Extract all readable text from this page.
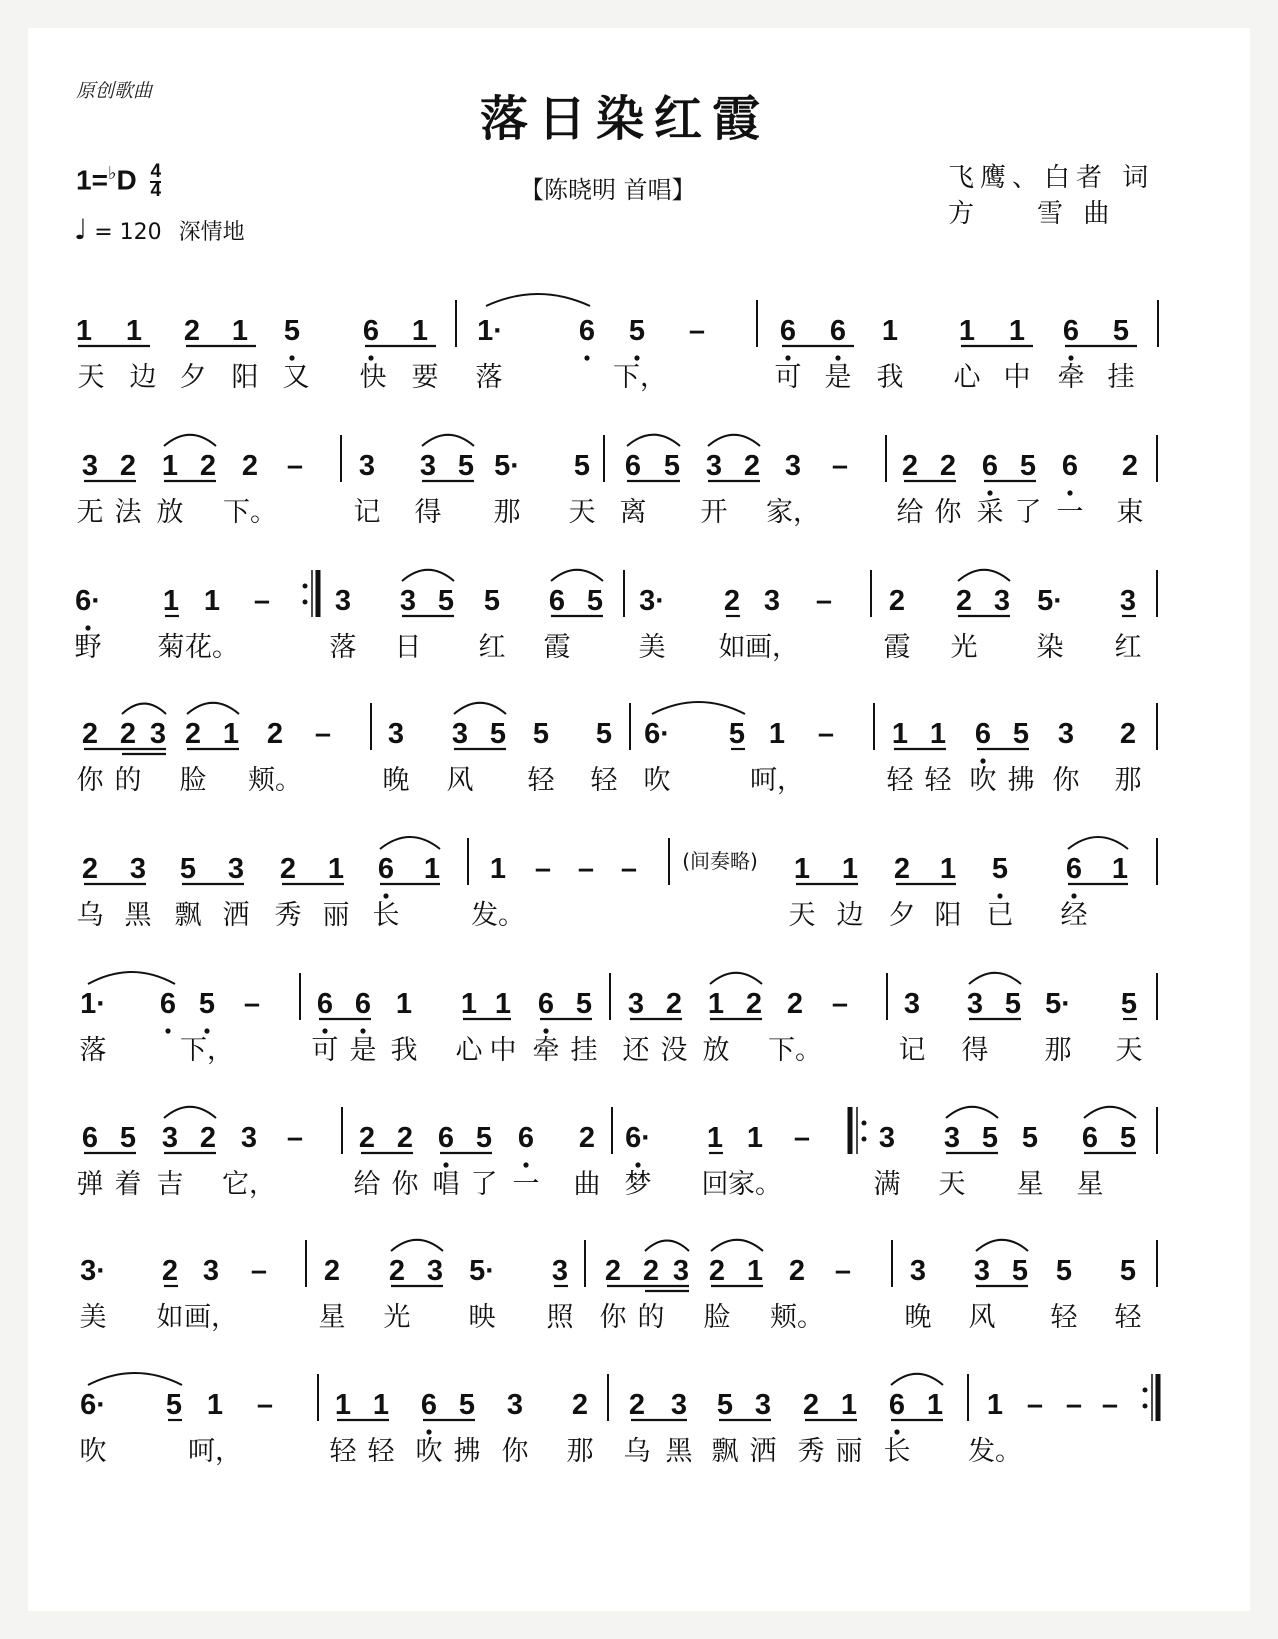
原创歌曲	落日染红霞
$1=^♭D \frac{4}{4}$
♩ = 120 深情地
【陈晓明 首唱】	飞鹰、白者 词
方    雪 曲
1 1 2 1 5 6 1 1·	6 5 –	6 6 1 1 1 6 5
天 边 夕 阳 又 快 要 落	下，	可 是 我 心 中 牵 挂
3 2 1 2 2 – 3 3 5 5· 5 6 5 3 2 3 – 2 2 6 5 6 2
无 法 放 下。	记 得 那 天 离 开 家，	给 你 采 了 一 束
6· 1 1 – 3 3 5 5 6 5 3· 2 3 – 2 2 3 5· 3
野 菊 花。	落 日 红 霞	美 如 画，	霞 光 染 红
2 2 3 2 1 2 – 3 3 5 5 5 6· 5 1 – 1 1 6 5 3 2
你 的 脸 颊。	晚 风 轻 轻 吹	呵，	轻 轻 吹 拂 你 那
2 3 5 3 2 1 6 1 1 – – – (间奏略) 1 1 2 1 5 6 1
乌 黑 飘 洒 秀 丽 长	发。	天 边 夕 阳 已 经
1· 6 5 – 6 6 1 1 1 6 5 3 2 1 2 2 – 3 3 5 5· 5
落	下，	可 是 我 心 中 牵 挂 还 没 放 下。	记 得 那 天
6 5 3 2 3 – 2 2 6 5 6 2 6· 1 1 – 3 3 5 5 6 5
弹 着 吉 它，	给 你 唱 了 一 曲 梦 回 家。	满 天 星 星
3· 2 3 – 2 2 3 5· 3 2 2 3 2 1 2 – 3 3 5 5 5
美 如 画，	星 光 映 照 你 的 脸 颊。	晚 风 轻 轻
6· 5 1 – 1 1 6 5 3 2 2 3 5 3 2 1 6 1 1 – – –
吹	呵，	轻 轻 吹 拂 你 那 乌 黑 飘 洒 秀 丽 长 发。
